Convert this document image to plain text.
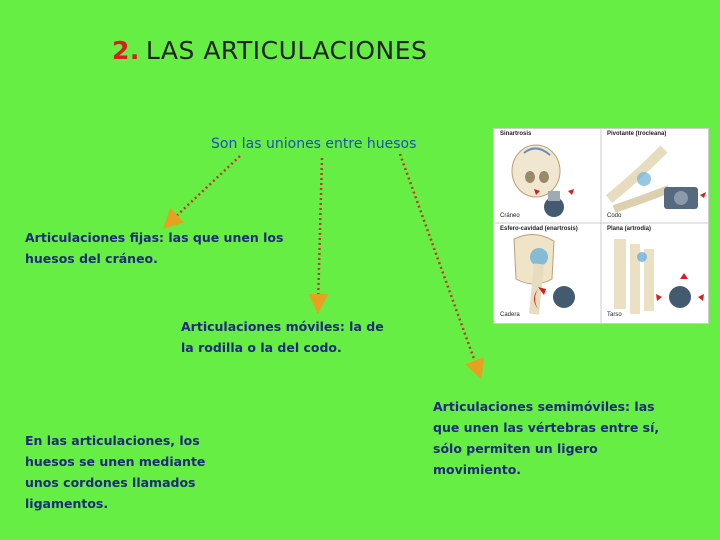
2. LAS ARTICULACIONES
Son las uniones entre huesos
Articulaciones fijas: las que unen los huesos del cráneo.
Articulaciones móviles: la de la rodilla o la del codo.
Articulaciones semimóviles: las que unen las vértebras entre sí, sólo permiten un ligero movimiento.
En las articulaciones, los huesos se unen mediante unos cordones llamados ligamentos.
Sinartrosis	Pivotante (trocleana)
Esfero-cavidad (enartrosis)	Plana (artrodia)
Cráneo	Codo
Cadera	Tarso
